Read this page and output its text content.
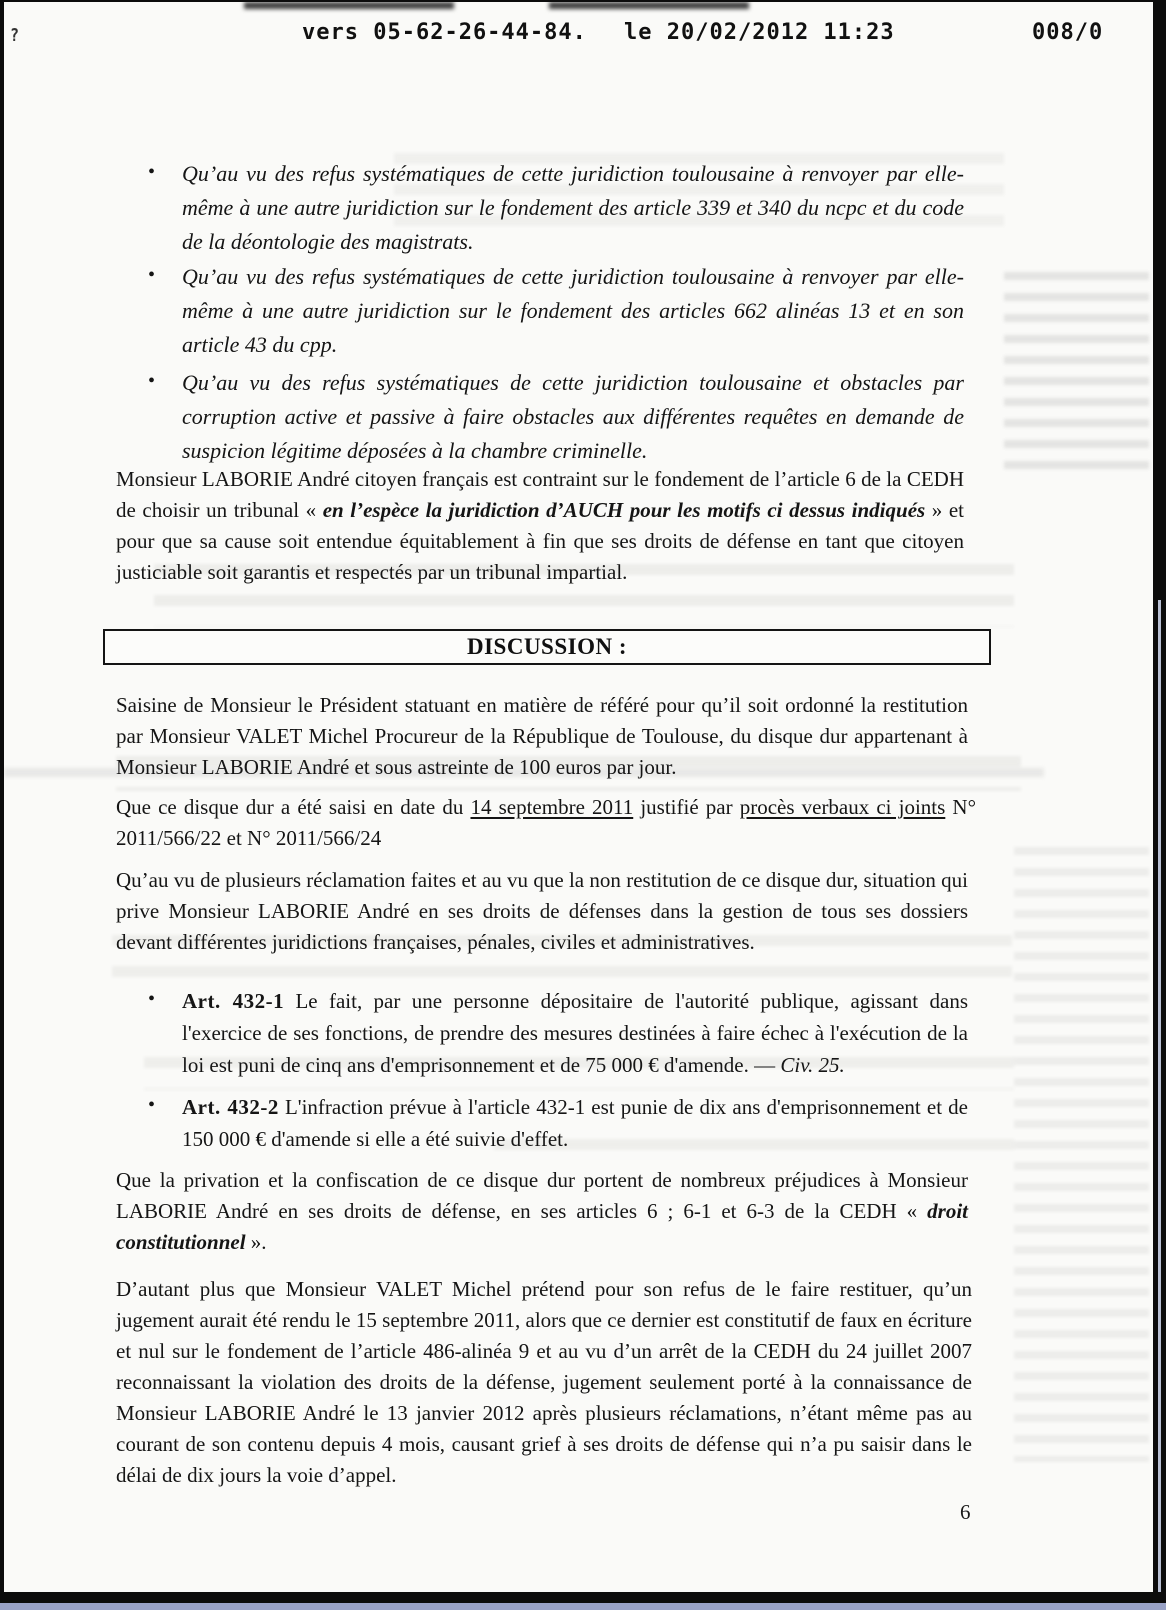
?	vers 05-62-26-44-84. le 20/02/2012 11:23	008/0
• Qu’au vu des refus systématiques de cette juridiction toulousaine à renvoyer par elle-même à une autre juridiction sur le fondement des article 339 et 340 du ncpc et du code de la déontologie des magistrats.
• Qu’au vu des refus systématiques de cette juridiction toulousaine à renvoyer par elle-même à une autre juridiction sur le fondement des articles 662 alinéas 13 et en son article 43 du cpp.
• Qu’au vu des refus systématiques de cette juridiction toulousaine et obstacles par corruption active et passive à faire obstacles aux différentes requêtes en demande de suspicion légitime déposées à la chambre criminelle.
Monsieur LABORIE André citoyen français est contraint sur le fondement de l’article 6 de la CEDH de choisir un tribunal « en l’espèce la juridiction d’AUCH pour les motifs ci dessus indiqués » et pour que sa cause soit entendue équitablement à fin que ses droits de défense en tant que citoyen justiciable soit garantis et respectés par un tribunal impartial.
DISCUSSION :
Saisine de Monsieur le Président statuant en matière de référé pour qu’il soit ordonné la restitution par Monsieur VALET Michel Procureur de la République de Toulouse, du disque dur appartenant à Monsieur LABORIE André et sous astreinte de 100 euros par jour.
Que ce disque dur a été saisi en date du 14 septembre 2011 justifié par procès verbaux ci joints N° 2011/566/22 et N° 2011/566/24
Qu’au vu de plusieurs réclamation faites et au vu que la non restitution de ce disque dur, situation qui prive Monsieur LABORIE André en ses droits de défenses dans la gestion de tous ses dossiers devant différentes juridictions françaises, pénales, civiles et administratives.
• Art. 432-1 Le fait, par une personne dépositaire de l'autorité publique, agissant dans l'exercice de ses fonctions, de prendre des mesures destinées à faire échec à l'exécution de la loi est puni de cinq ans d'emprisonnement et de 75 000 € d'amende. — Civ. 25.
• Art. 432-2 L'infraction prévue à l'article 432-1 est punie de dix ans d'emprisonnement et de 150 000 € d'amende si elle a été suivie d'effet.
Que la privation et la confiscation de ce disque dur portent de nombreux préjudices à Monsieur LABORIE André en ses droits de défense, en ses articles 6 ; 6-1 et 6-3 de la CEDH « droit constitutionnel ».
D’autant plus que Monsieur VALET Michel prétend pour son refus de le faire restituer, qu’un jugement aurait été rendu le 15 septembre 2011, alors que ce dernier est constitutif de faux en écriture et nul sur le fondement de l’article 486-alinéa 9 et au vu d’un arrêt de la CEDH du 24 juillet 2007 reconnaissant la violation des droits de la défense, jugement seulement porté à la connaissance de Monsieur LABORIE André le 13 janvier 2012 après plusieurs réclamations, n’étant même pas au courant de son contenu depuis 4 mois, causant grief à ses droits de défense qui n’a pu saisir dans le délai de dix jours la voie d’appel.
6
